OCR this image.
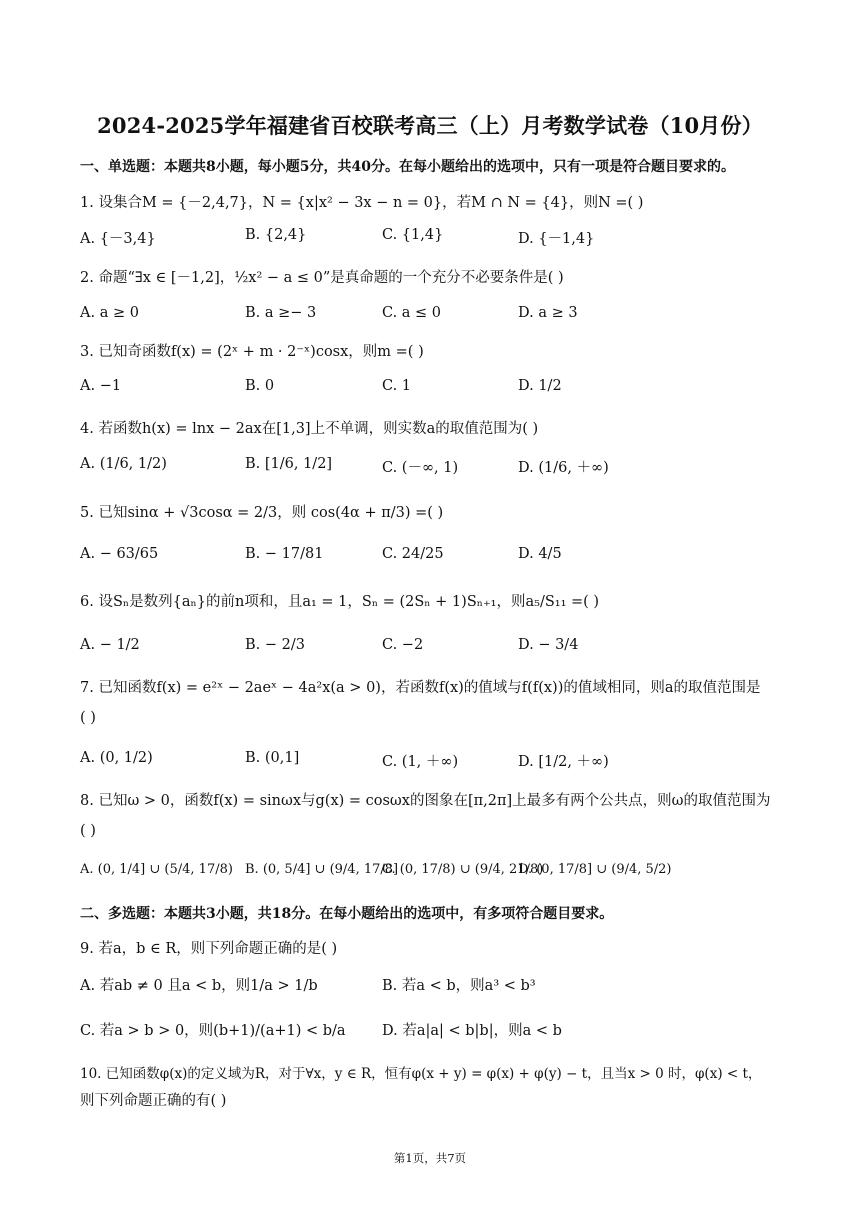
2024-2025学年福建省百校联考高三（上）月考数学试卷（10月份）
一、单选题：本题共8小题，每小题5分，共40分。在每小题给出的选项中，只有一项是符合题目要求的。
1. 设集合M = {－2,4,7}，N = {x|x² − 3x − n = 0}，若M ∩ N = {4}，则N =( )
A. {－3,4}	B. {2,4}	C. {1,4}	D. {－1,4}
2. 命题“∃x ∈ [－1,2]，½x² − a ≤ 0”是真命题的一个充分不必要条件是( )
A. a ≥ 0	B. a ≥− 3	C. a ≤ 0	D. a ≥ 3
3. 已知奇函数f(x) = (2ˣ + m · 2⁻ˣ)cosx，则m =( )
A. −1	B. 0	C. 1	D. 1/2
4. 若函数h(x) = lnx − 2ax在[1,3]上不单调，则实数a的取值范围为( )
A. (1/6, 1/2)	B. [1/6, 1/2]	C. (－∞, 1)	D. (1/6, ＋∞)
5. 已知sinα + √3cosα = 2/3，则 cos(4α + π/3) =( )
A. − 63/65	B. − 17/81	C. 24/25	D. 4/5
6. 设Sₙ是数列{aₙ}的前n项和，且a₁ = 1，Sₙ = (2Sₙ + 1)Sₙ₊₁，则a₅/S₁₁ =( )
A. − 1/2	B. − 2/3	C. −2	D. − 3/4
7. 已知函数f(x) = e²ˣ − 2aeˣ − 4a²x(a > 0)，若函数f(x)的值域与f(f(x))的值域相同，则a的取值范围是
( )
A. (0, 1/2)	B. (0,1]	C. (1, ＋∞)	D. [1/2, ＋∞)
8. 已知ω > 0，函数f(x) = sinωx与g(x) = cosωx的图象在[π,2π]上最多有两个公共点，则ω的取值范围为
( )
A. (0, 1/4] ∪ (5/4, 17/8) B. (0, 5/4] ∪ (9/4, 17/8]
C. (0, 17/8) ∪ (9/4, 21/8)
D. (0, 17/8] ∪ (9/4, 5/2)
二、多选题：本题共3小题，共18分。在每小题给出的选项中，有多项符合题目要求。
9. 若a，b ∈ R，则下列命题正确的是( )
A. 若ab ≠ 0 且a < b，则1/a > 1/b	B. 若a < b，则a³ < b³
C. 若a > b > 0，则(b+1)/(a+1) < b/a	D. 若a|a| < b|b|，则a < b
10. 已知函数φ(x)的定义域为R，对于∀x，y ∈ R，恒有φ(x + y) = φ(x) + φ(y) − t，且当x > 0 时，φ(x) < t，
则下列命题正确的有( )
第1页，共7页
